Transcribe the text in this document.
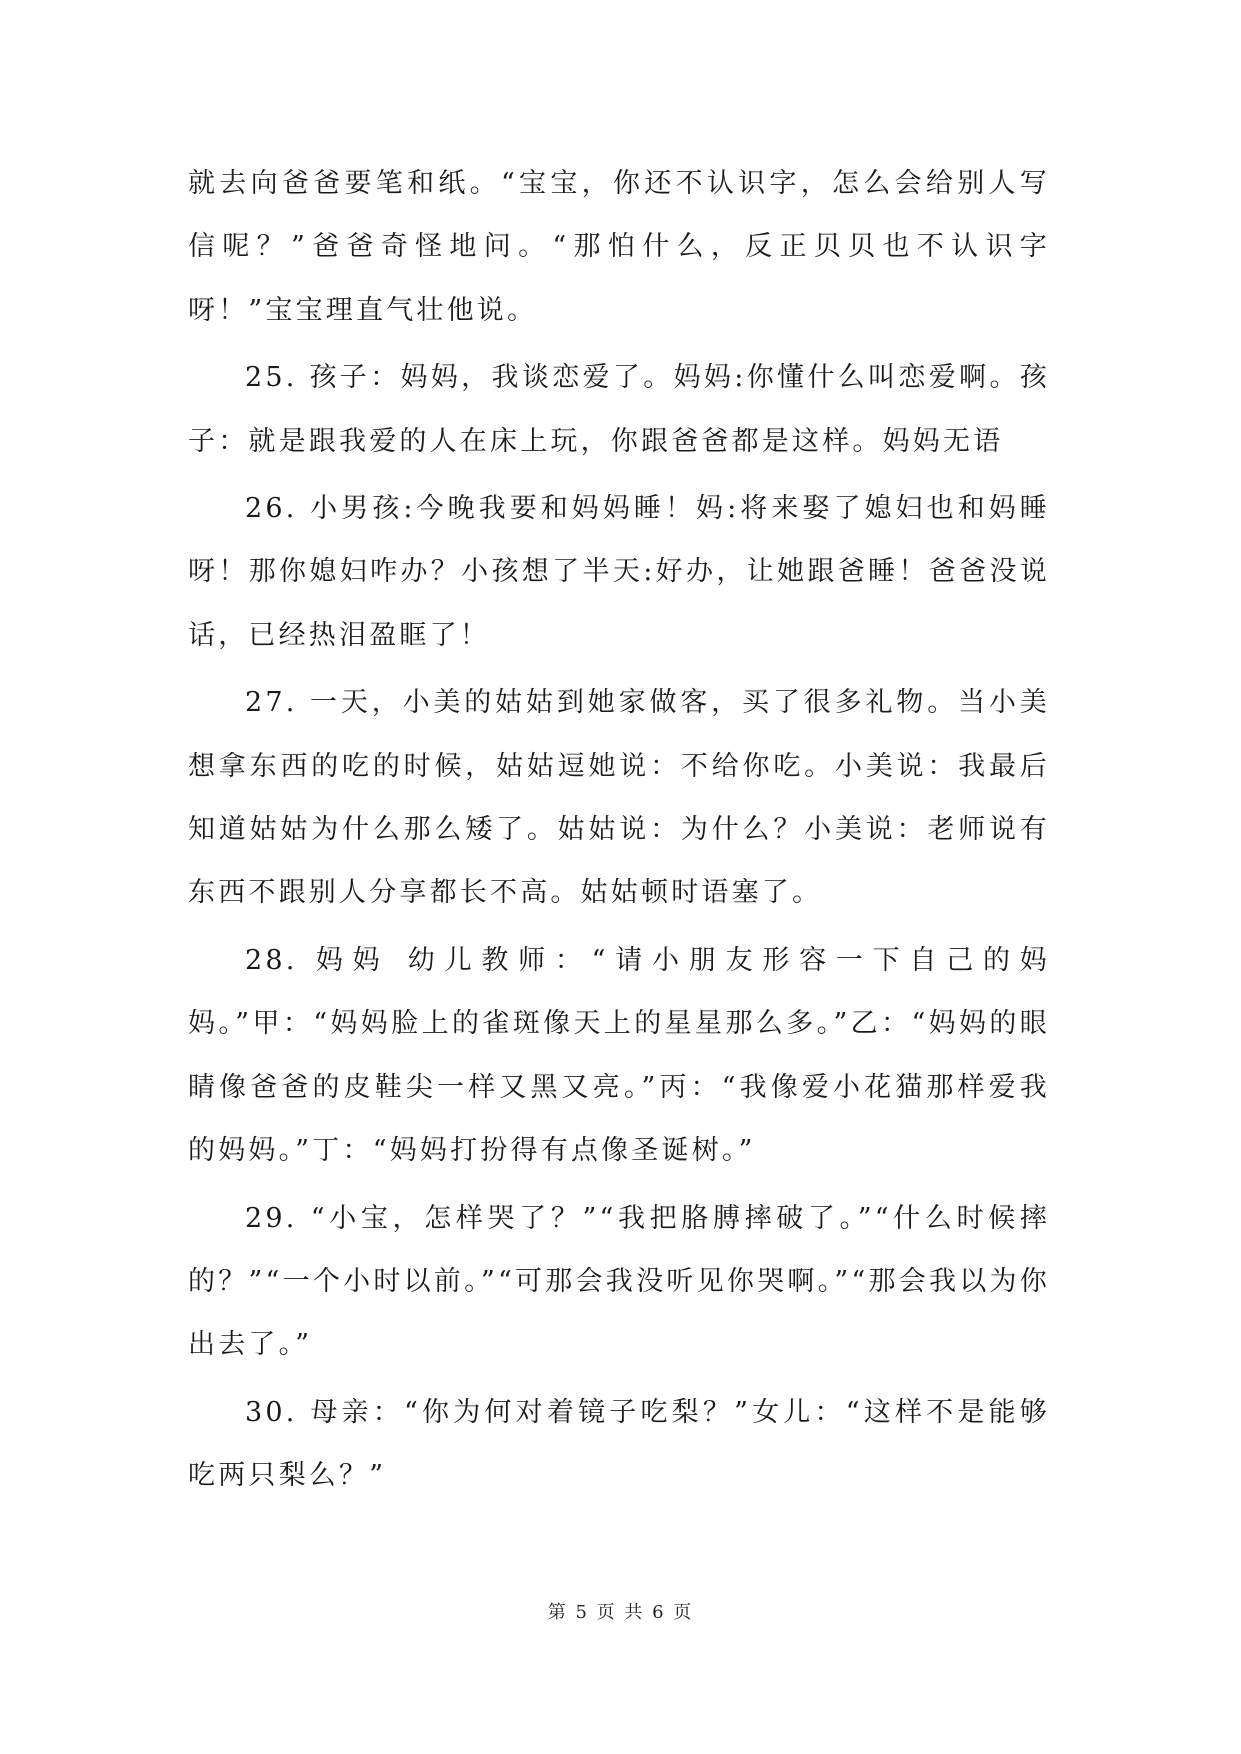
就去向爸爸要笔和纸。“宝宝，你还不认识字，怎么会给别人写信呢？”爸爸奇怪地问。“那怕什么，反正贝贝也不认识字呀！”宝宝理直气壮他说。

25. 孩子：妈妈，我谈恋爱了。妈妈:你懂什么叫恋爱啊。孩子：就是跟我爱的人在床上玩，你跟爸爸都是这样。妈妈无语

26. 小男孩:今晚我要和妈妈睡！妈:将来娶了媳妇也和妈睡呀！那你媳妇咋办？小孩想了半天:好办，让她跟爸睡！爸爸没说话，已经热泪盈眶了！

27. 一天，小美的姑姑到她家做客，买了很多礼物。当小美想拿东西的吃的时候，姑姑逗她说：不给你吃。小美说：我最后知道姑姑为什么那么矮了。姑姑说：为什么？小美说：老师说有东西不跟别人分享都长不高。姑姑顿时语塞了。

28. 妈妈 幼儿教师：“请小朋友形容一下自己的妈妈。”甲：“妈妈脸上的雀斑像天上的星星那么多。”乙：“妈妈的眼睛像爸爸的皮鞋尖一样又黑又亮。”丙：“我像爱小花猫那样爱我的妈妈。”丁：“妈妈打扮得有点像圣诞树。”

29. “小宝，怎样哭了？”“我把胳膊摔破了。”“什么时候摔的？”“一个小时以前。”“可那会我没听见你哭啊。”“那会我以为你出去了。”

30. 母亲：“你为何对着镜子吃梨？”女儿：“这样不是能够吃两只梨么？”

第 5 页 共 6 页
